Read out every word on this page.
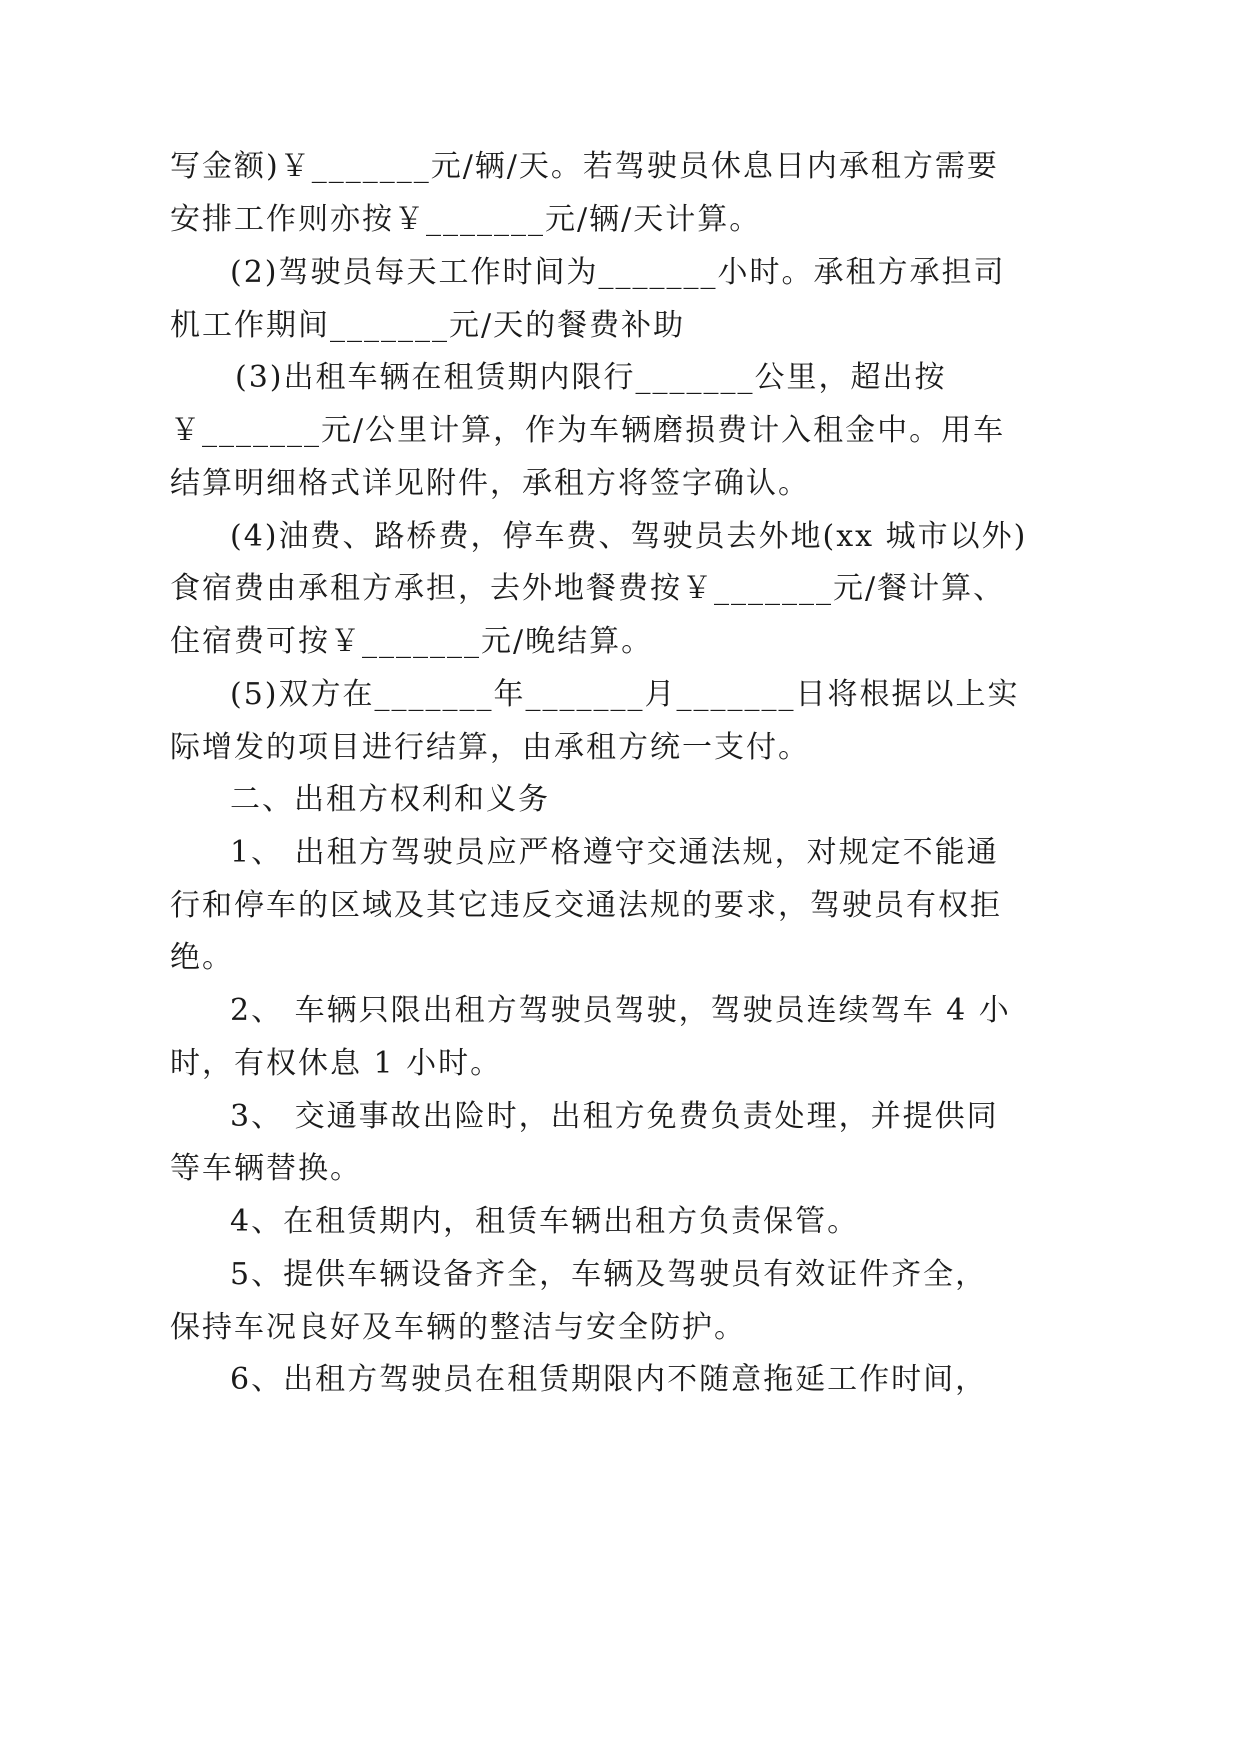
写金额)￥_______元/辆/天。若驾驶员休息日内承租方需要
安排工作则亦按￥_______元/辆/天计算。
(2)驾驶员每天工作时间为_______小时。承租方承担司
机工作期间_______元/天的餐费补助
(3)出租车辆在租赁期内限行_______公里，超出按
￥_______元/公里计算，作为车辆磨损费计入租金中。用车
结算明细格式详见附件，承租方将签字确认。
(4)油费、路桥费，停车费、驾驶员去外地(xx 城市以外)
食宿费由承租方承担，去外地餐费按￥_______元/餐计算、
住宿费可按￥_______元/晚结算。
(5)双方在_______年_______月_______日将根据以上实
际增发的项目进行结算，由承租方统一支付。
二、出租方权利和义务
1、 出租方驾驶员应严格遵守交通法规，对规定不能通
行和停车的区域及其它违反交通法规的要求，驾驶员有权拒
绝。
2、 车辆只限出租方驾驶员驾驶，驾驶员连续驾车 4 小
时，有权休息 1 小时。
3、 交通事故出险时，出租方免费负责处理，并提供同
等车辆替换。
4、在租赁期内，租赁车辆出租方负责保管。
5、提供车辆设备齐全，车辆及驾驶员有效证件齐全，
保持车况良好及车辆的整洁与安全防护。
6、出租方驾驶员在租赁期限内不随意拖延工作时间，
